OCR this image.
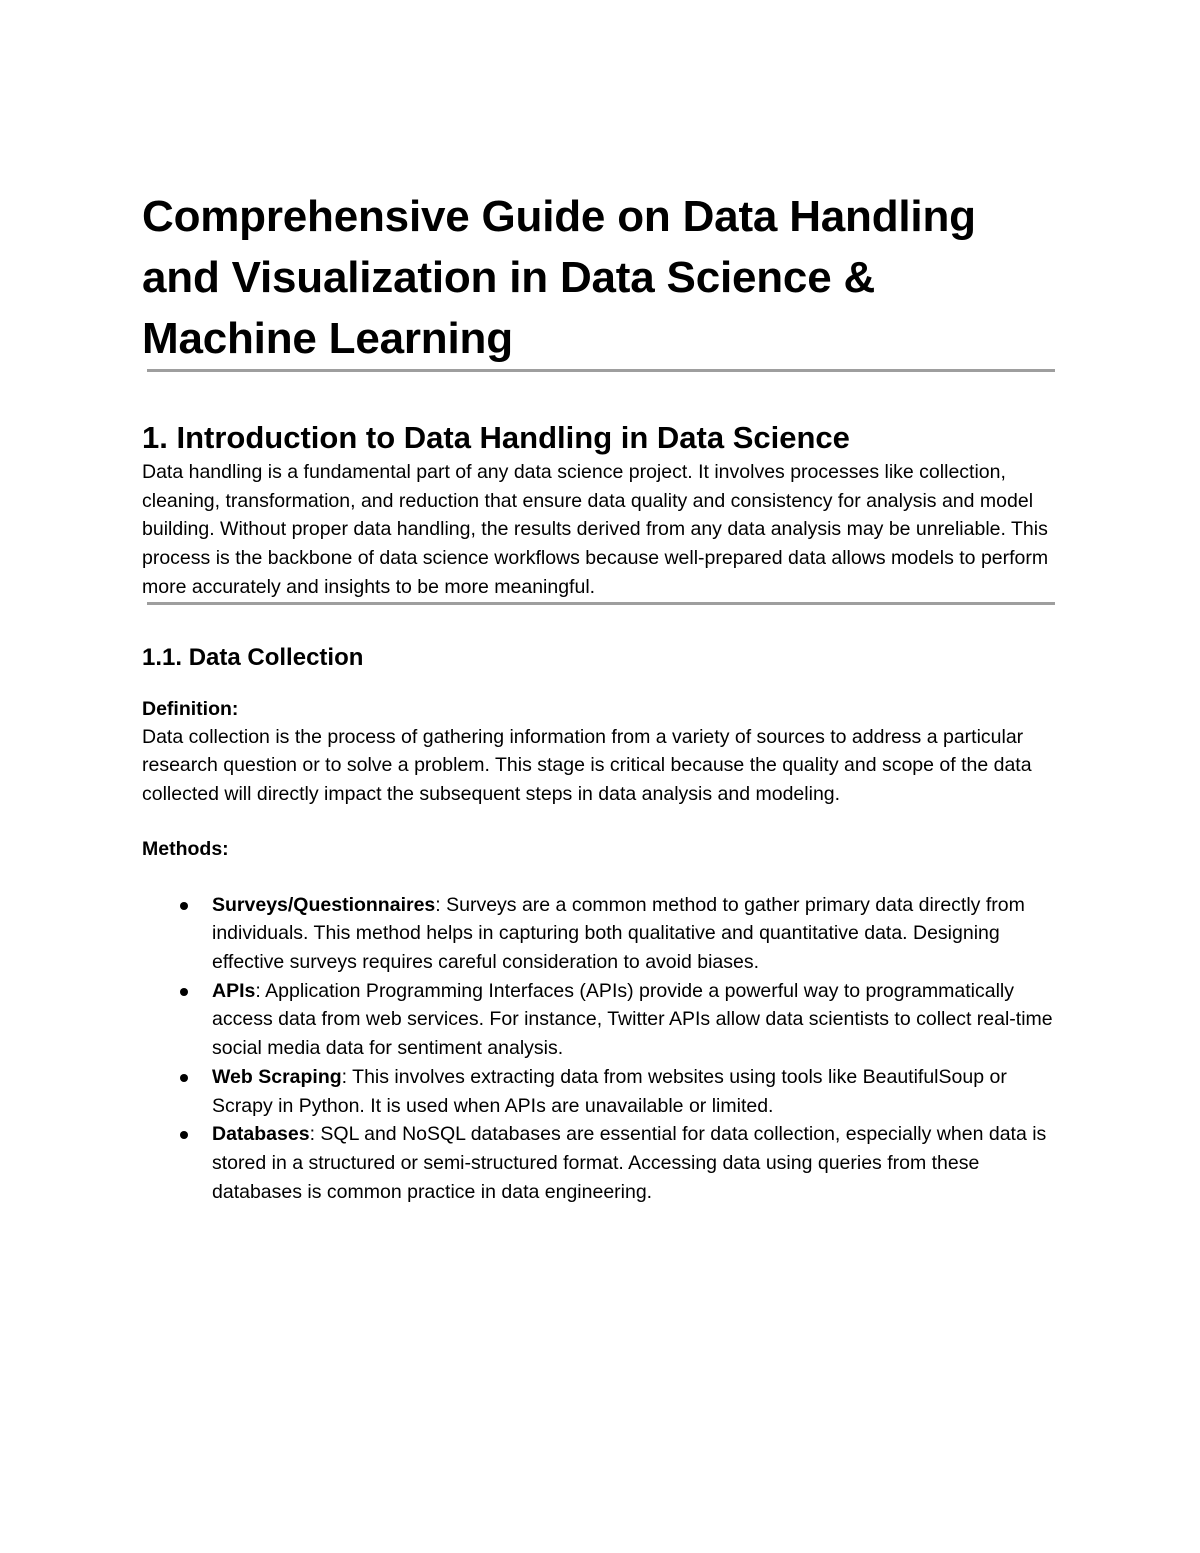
Comprehensive Guide on Data Handling and Visualization in Data Science & Machine Learning
1. Introduction to Data Handling in Data Science

Data handling is a fundamental part of any data science project. It involves processes like collection, cleaning, transformation, and reduction that ensure data quality and consistency for analysis and model building. Without proper data handling, the results derived from any data analysis may be unreliable. This process is the backbone of data science workflows because well-prepared data allows models to perform more accurately and insights to be more meaningful.

1.1. Data Collection

Definition:

Data collection is the process of gathering information from a variety of sources to address a particular research question or to solve a problem. This stage is critical because the quality and scope of the data collected will directly impact the subsequent steps in data analysis and modeling.

Methods:

Surveys/Questionnaires: Surveys are a common method to gather primary data directly from individuals. This method helps in capturing both qualitative and quantitative data. Designing effective surveys requires careful consideration to avoid biases.
APIs: Application Programming Interfaces (APIs) provide a powerful way to programmatically access data from web services. For instance, Twitter APIs allow data scientists to collect real-time social media data for sentiment analysis.
Web Scraping: This involves extracting data from websites using tools like BeautifulSoup or Scrapy in Python. It is used when APIs are unavailable or limited.
Databases: SQL and NoSQL databases are essential for data collection, especially when data is stored in a structured or semi-structured format. Accessing data using queries from these databases is common practice in data engineering.
